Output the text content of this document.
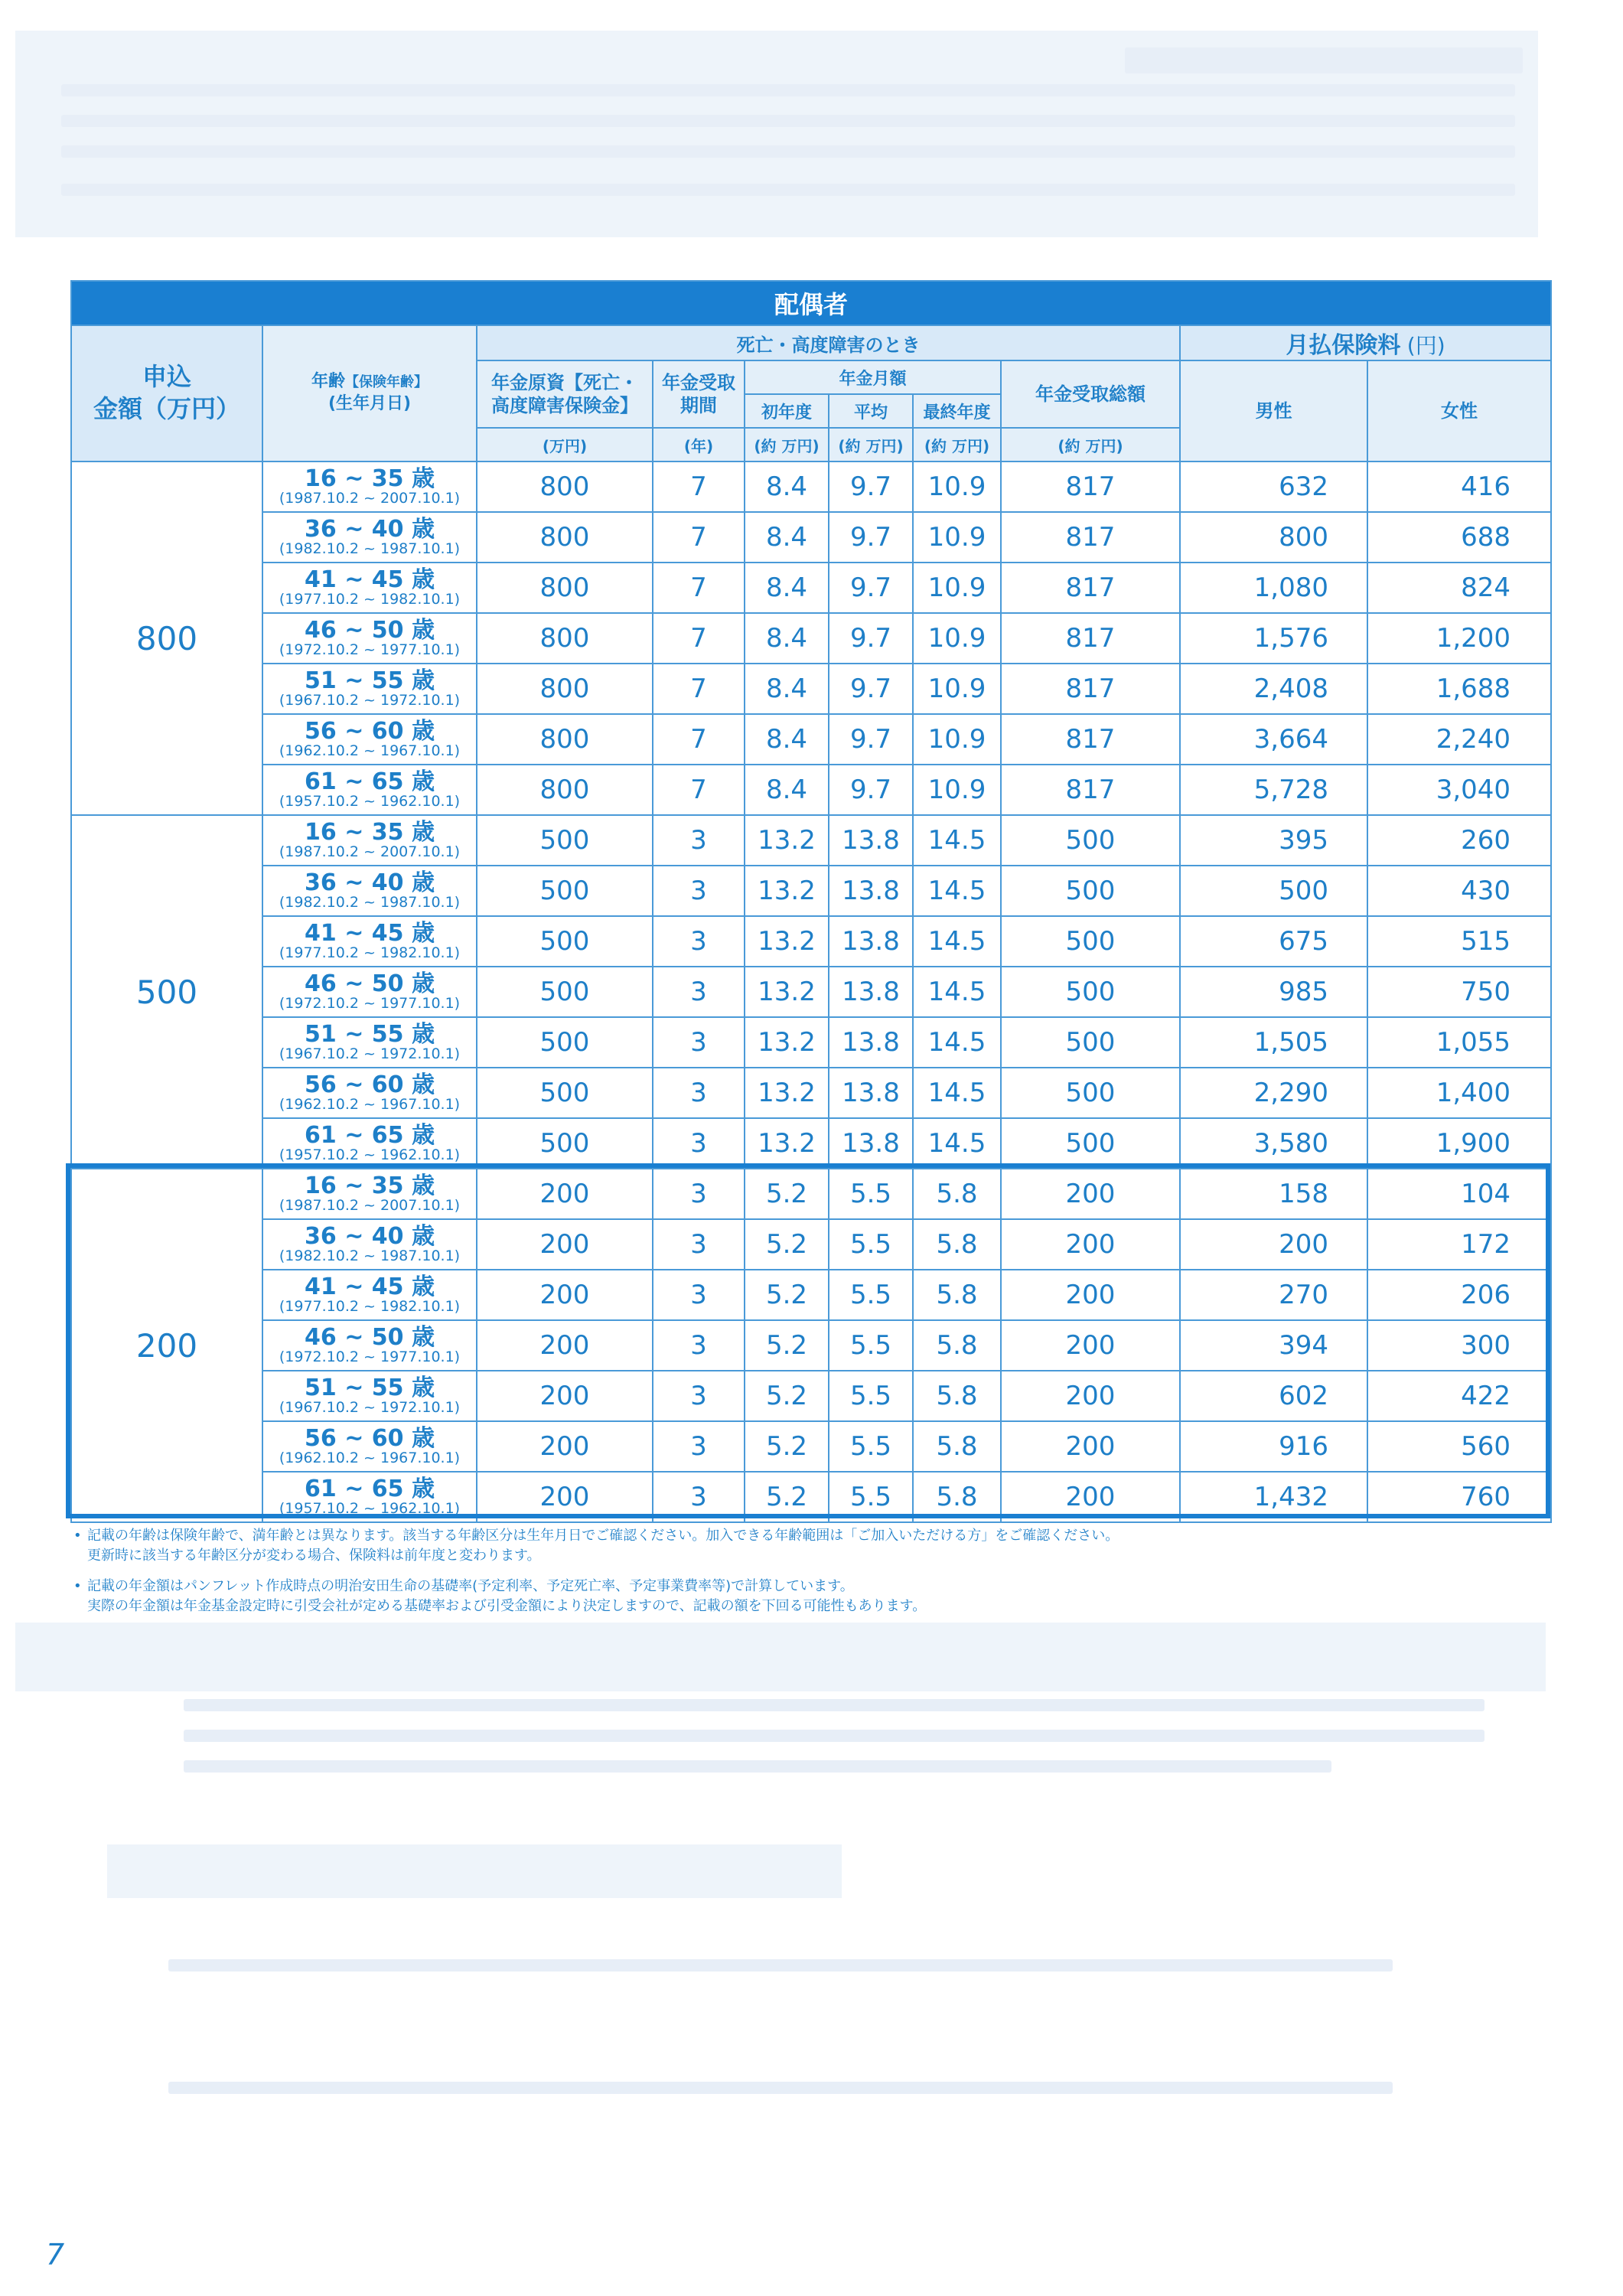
配偶者									
申込
金額（万円）	年齢【保険年齢】
(生年月日)	死亡・高度障害のとき						月払保険料 (円)	
		年金原資【死亡・
高度障害保険金】	年金受取
期間	年金月額			年金受取総額	男性	女性
				初年度	平均	最終年度			
		(万円)	(年)	(約 万円)	(約 万円)	(約 万円)	(約 万円)		
800	16 ~ 35 歳
(1987.10.2 ~ 2007.10.1)	800	7	8.4	9.7	10.9	817	632	416

	36 ~ 40 歳
(1982.10.2 ~ 1987.10.1)	800	7	8.4	9.7	10.9	817	800	688

	41 ~ 45 歳
(1977.10.2 ~ 1982.10.1)	800	7	8.4	9.7	10.9	817	1,080	824

	46 ~ 50 歳
(1972.10.2 ~ 1977.10.1)	800	7	8.4	9.7	10.9	817	1,576	1,200

	51 ~ 55 歳
(1967.10.2 ~ 1972.10.1)	800	7	8.4	9.7	10.9	817	2,408	1,688

	56 ~ 60 歳
(1962.10.2 ~ 1967.10.1)	800	7	8.4	9.7	10.9	817	3,664	2,240

	61 ~ 65 歳
(1957.10.2 ~ 1962.10.1)	800	7	8.4	9.7	10.9	817	5,728	3,040
500	16 ~ 35 歳
(1987.10.2 ~ 2007.10.1)	500	3	13.2	13.8	14.5	500	395	260

	36 ~ 40 歳
(1982.10.2 ~ 1987.10.1)	500	3	13.2	13.8	14.5	500	500	430

	41 ~ 45 歳
(1977.10.2 ~ 1982.10.1)	500	3	13.2	13.8	14.5	500	675	515

	46 ~ 50 歳
(1972.10.2 ~ 1977.10.1)	500	3	13.2	13.8	14.5	500	985	750

	51 ~ 55 歳
(1967.10.2 ~ 1972.10.1)	500	3	13.2	13.8	14.5	500	1,505	1,055

	56 ~ 60 歳
(1962.10.2 ~ 1967.10.1)	500	3	13.2	13.8	14.5	500	2,290	1,400

	61 ~ 65 歳
(1957.10.2 ~ 1962.10.1)	500	3	13.2	13.8	14.5	500	3,580	1,900
200	16 ~ 35 歳
(1987.10.2 ~ 2007.10.1)	200	3	5.2	5.5	5.8	200	158	104

	36 ~ 40 歳
(1982.10.2 ~ 1987.10.1)	200	3	5.2	5.5	5.8	200	200	172

	41 ~ 45 歳
(1977.10.2 ~ 1982.10.1)	200	3	5.2	5.5	5.8	200	270	206

	46 ~ 50 歳
(1972.10.2 ~ 1977.10.1)	200	3	5.2	5.5	5.8	200	394	300

	51 ~ 55 歳
(1967.10.2 ~ 1972.10.1)	200	3	5.2	5.5	5.8	200	602	422

	56 ~ 60 歳
(1962.10.2 ~ 1967.10.1)	200	3	5.2	5.5	5.8	200	916	560

	61 ~ 65 歳
(1957.10.2 ~ 1962.10.1)	200	3	5.2	5.5	5.8	200	1,432	760
• 記載の年齢は保険年齢で、満年齢とは異なります。該当する年齢区分は生年月日でご確認ください。加入できる年齢範囲は「ご加入いただける方」をご確認ください。
更新時に該当する年齢区分が変わる場合、保険料は前年度と変わります。
• 記載の年金額はパンフレット作成時点の明治安田生命の基礎率(予定利率、予定死亡率、予定事業費率等)で計算しています。
実際の年金額は年金基金設定時に引受会社が定める基礎率および引受金額により決定しますので、記載の額を下回る可能性もあります。
7
